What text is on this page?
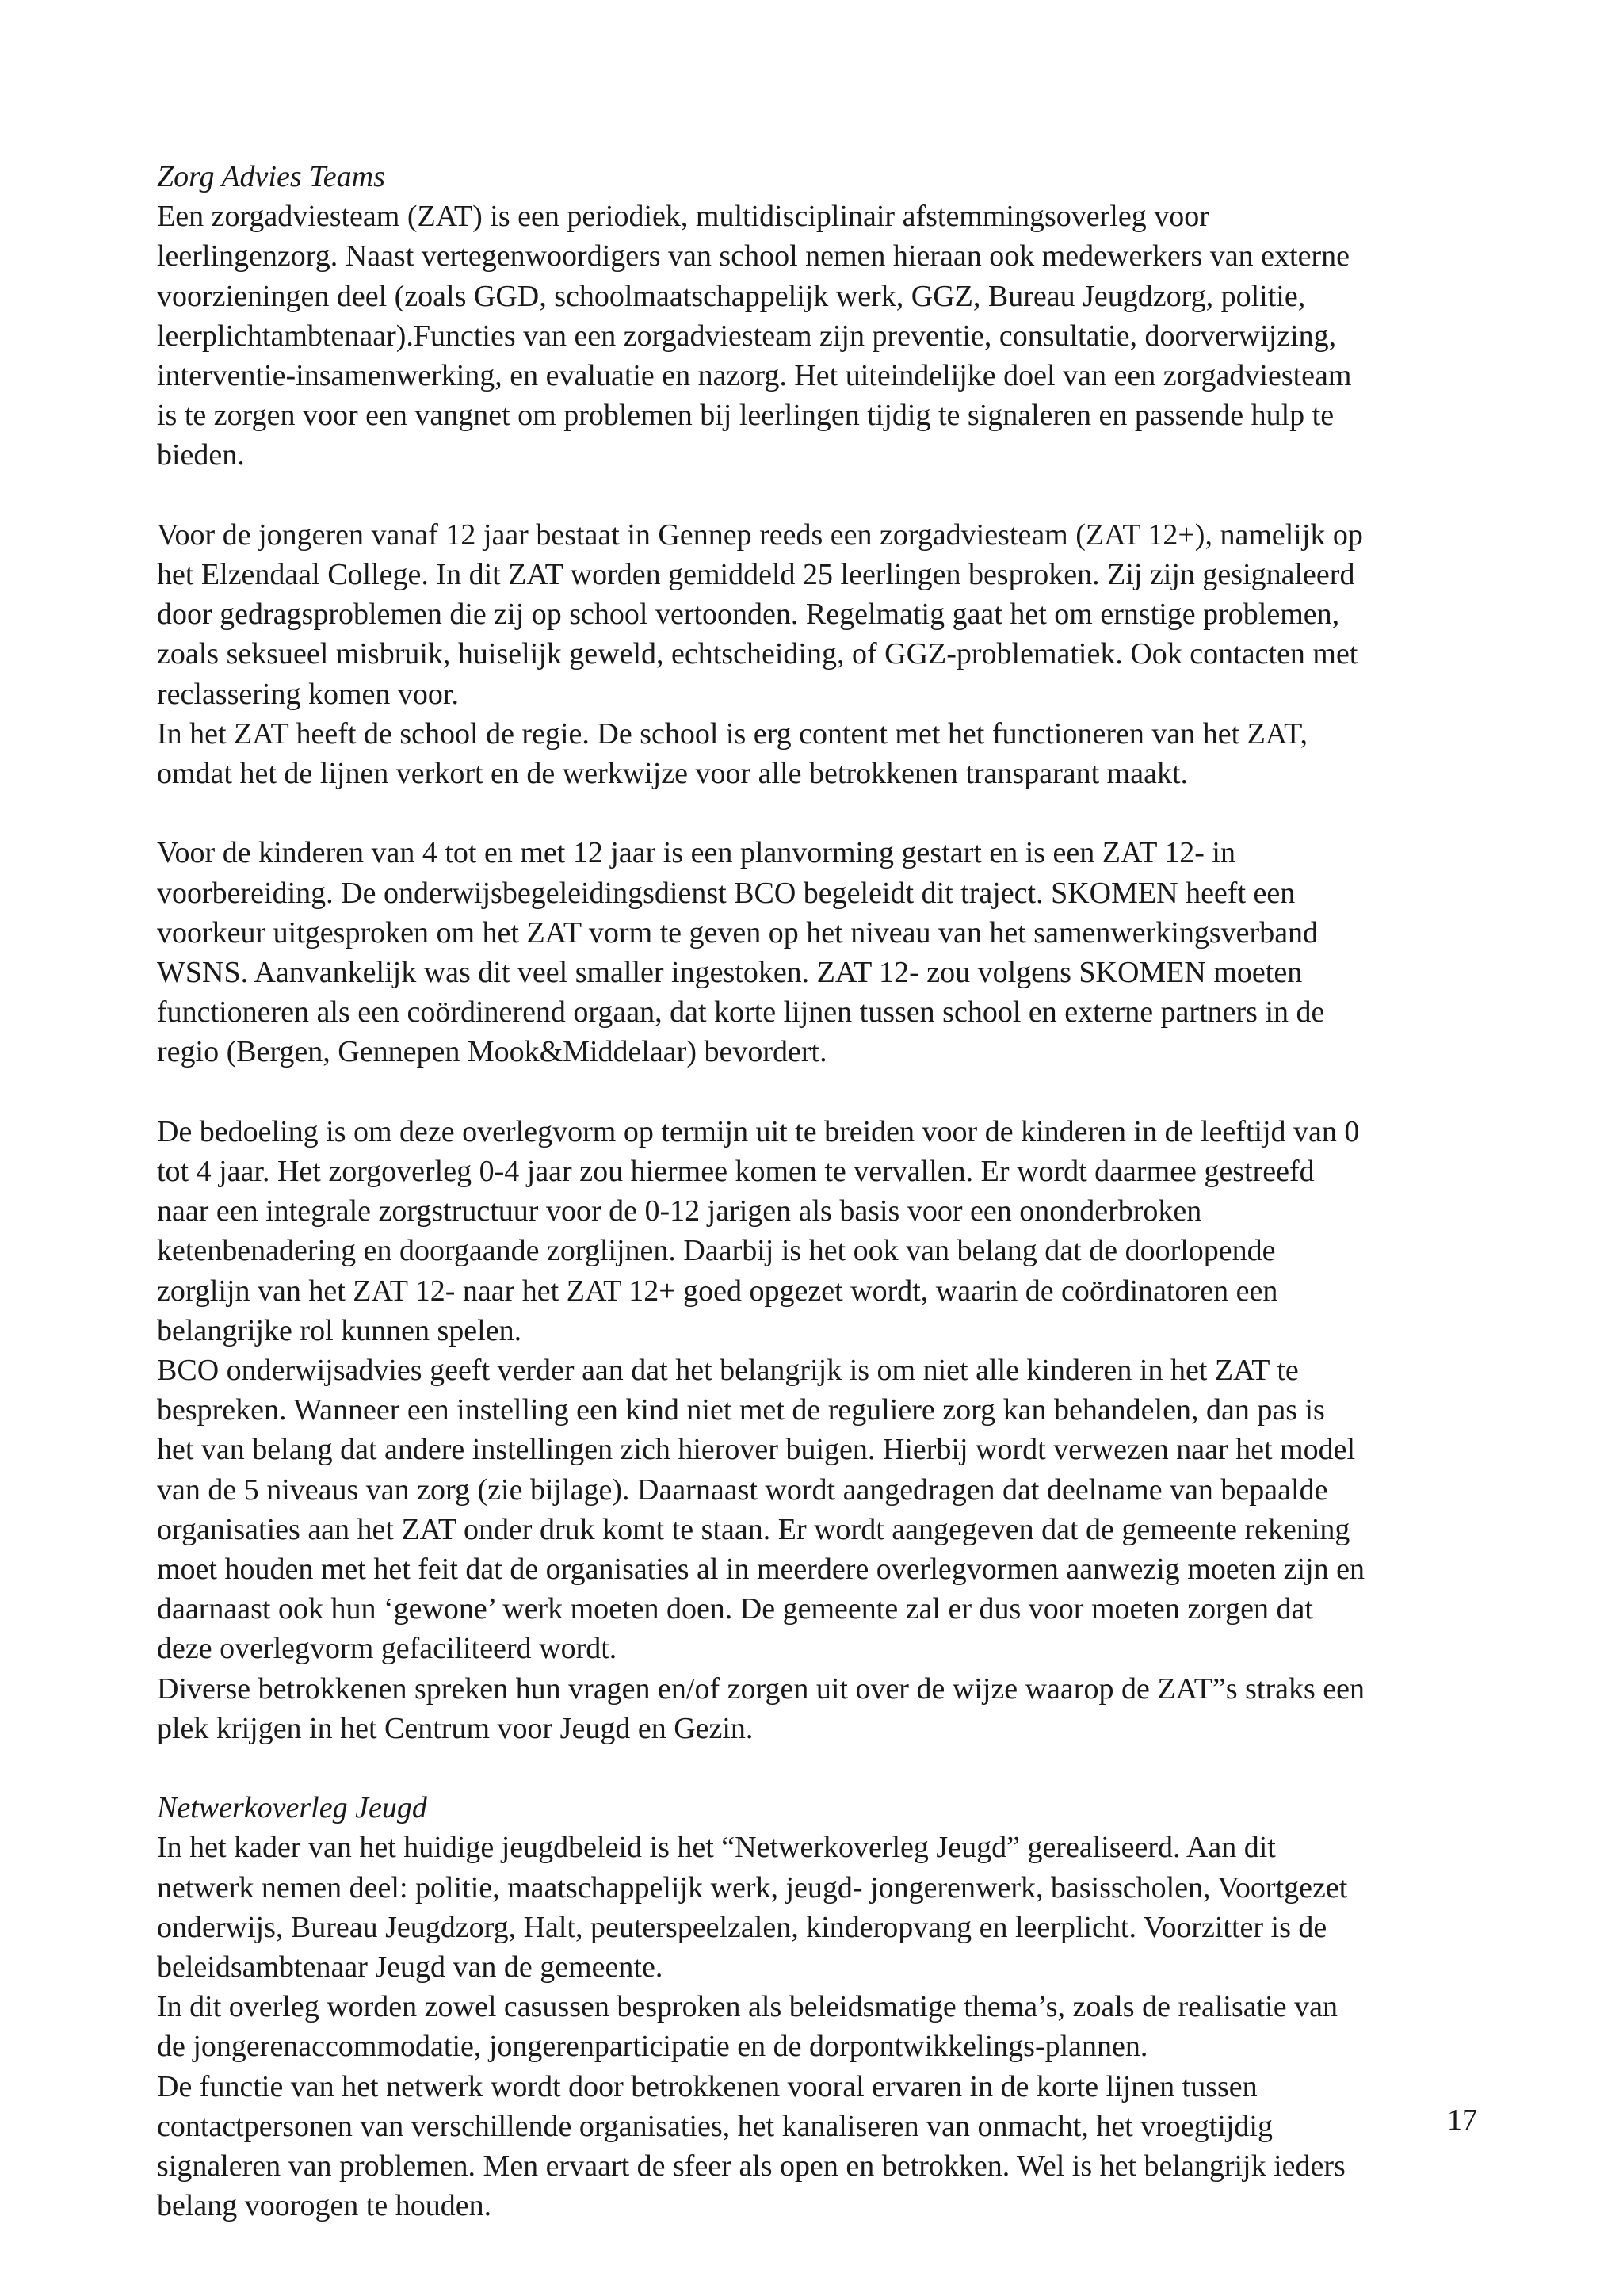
Zorg Advies Teams
Een zorgadviesteam (ZAT) is een periodiek, multidisciplinair afstemmingsoverleg voor
leerlingenzorg. Naast vertegenwoordigers van school nemen hieraan ook medewerkers van externe
voorzieningen deel (zoals GGD, schoolmaatschappelijk werk, GGZ, Bureau Jeugdzorg, politie,
leerplichtambtenaar).Functies van een zorgadviesteam zijn preventie, consultatie, doorverwijzing,
interventie-insamenwerking, en evaluatie en nazorg. Het uiteindelijke doel van een zorgadviesteam
is te zorgen voor een vangnet om problemen bij leerlingen tijdig te signaleren en passende hulp te
bieden.
Voor de jongeren vanaf 12 jaar bestaat in Gennep reeds een zorgadviesteam (ZAT 12+), namelijk op
het Elzendaal College. In dit ZAT worden gemiddeld 25 leerlingen besproken. Zij zijn gesignaleerd
door gedragsproblemen die zij op school vertoonden. Regelmatig gaat het om ernstige problemen,
zoals seksueel misbruik, huiselijk geweld, echtscheiding, of GGZ-problematiek. Ook contacten met
reclassering komen voor.
In het ZAT heeft de school de regie. De school is erg content met het functioneren van het ZAT,
omdat het de lijnen verkort en de werkwijze voor alle betrokkenen transparant maakt.
Voor de kinderen van 4 tot en met 12 jaar is een planvorming gestart en is een ZAT 12- in
voorbereiding. De onderwijsbegeleidingsdienst BCO begeleidt dit traject. SKOMEN heeft een
voorkeur uitgesproken om het ZAT vorm te geven op het niveau van het samenwerkingsverband
WSNS. Aanvankelijk was dit veel smaller ingestoken. ZAT 12- zou volgens SKOMEN moeten
functioneren als een coördinerend orgaan, dat korte lijnen tussen school en externe partners in de
regio (Bergen, Gennepen Mook&Middelaar) bevordert.
De bedoeling is om deze overlegvorm op termijn uit te breiden voor de kinderen in de leeftijd van 0
tot 4 jaar. Het zorgoverleg 0-4 jaar zou hiermee komen te vervallen. Er wordt daarmee gestreefd
naar een integrale zorgstructuur voor de 0-12 jarigen als basis voor een ononderbroken
ketenbenadering en doorgaande zorglijnen. Daarbij is het ook van belang dat de doorlopende
zorglijn van het ZAT 12- naar het ZAT 12+ goed opgezet wordt, waarin de coördinatoren een
belangrijke rol kunnen spelen.
BCO onderwijsadvies geeft verder aan dat het belangrijk is om niet alle kinderen in het ZAT te
bespreken. Wanneer een instelling een kind niet met de reguliere zorg kan behandelen, dan pas is
het van belang dat andere instellingen zich hierover buigen. Hierbij wordt verwezen naar het model
van de 5 niveaus van zorg (zie bijlage). Daarnaast wordt aangedragen dat deelname van bepaalde
organisaties aan het ZAT onder druk komt te staan. Er wordt aangegeven dat de gemeente rekening
moet houden met het feit dat de organisaties al in meerdere overlegvormen aanwezig moeten zijn en
daarnaast ook hun ‘gewone’ werk moeten doen. De gemeente zal er dus voor moeten zorgen dat
deze overlegvorm gefaciliteerd wordt.
Diverse betrokkenen spreken hun vragen en/of zorgen uit over de wijze waarop de ZAT”s straks een
plek krijgen in het Centrum voor Jeugd en Gezin.
Netwerkoverleg Jeugd
In het kader van het huidige jeugdbeleid is het “Netwerkoverleg Jeugd” gerealiseerd. Aan dit
netwerk nemen deel: politie, maatschappelijk werk, jeugd- jongerenwerk, basisscholen, Voortgezet
onderwijs, Bureau Jeugdzorg, Halt, peuterspeelzalen, kinderopvang en leerplicht. Voorzitter is de
beleidsambtenaar Jeugd van de gemeente.
In dit overleg worden zowel casussen besproken als beleidsmatige thema’s, zoals de realisatie van
de jongerenaccommodatie, jongerenparticipatie en de dorpontwikkelings-plannen.
De functie van het netwerk wordt door betrokkenen vooral ervaren in de korte lijnen tussen
contactpersonen van verschillende organisaties, het kanaliseren van onmacht, het vroegtijdig
signaleren van problemen. Men ervaart de sfeer als open en betrokken. Wel is het belangrijk ieders
belang voorogen te houden.
17
